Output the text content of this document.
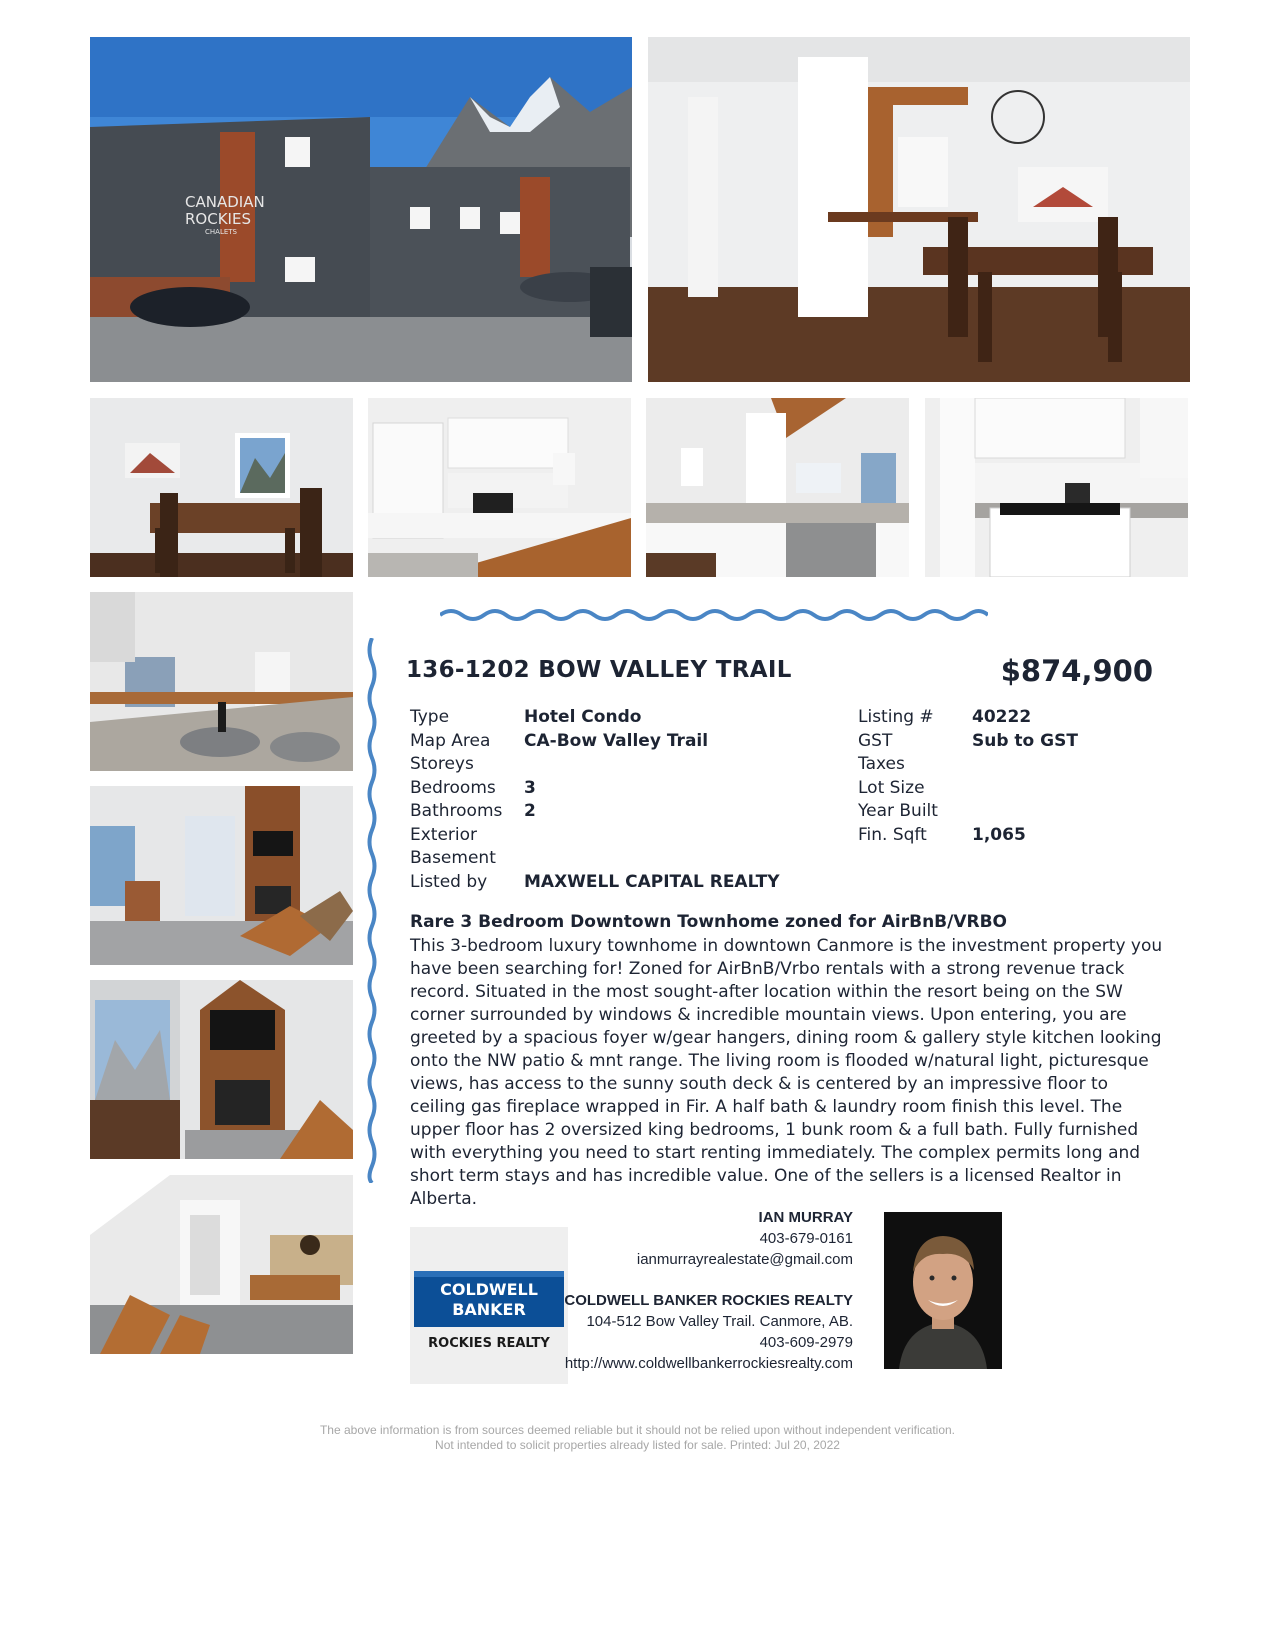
CANADIAN
ROCKIES
CHALETS
136-1202 BOW VALLEY TRAIL	$874,900
Type	Hotel Condo
Map Area	CA-Bow Valley Trail
Storeys
Bedrooms	3
Bathrooms	2
Exterior
Basement
Listed by	MAXWELL CAPITAL REALTY
Listing #	40222
GST	Sub to GST
Taxes
Lot Size
Year Built
Fin. Sqft	1,065
Rare 3 Bedroom Downtown Townhome zoned for AirBnB/VRBO
This 3-bedroom luxury townhome in downtown Canmore is the investment property you have been searching for! Zoned for AirBnB/Vrbo rentals with a strong revenue track record. Situated in the most sought-after location within the resort being on the SW corner surrounded by windows & incredible mountain views. Upon entering, you are greeted by a spacious foyer w/gear hangers, dining room & gallery style kitchen looking onto the NW patio & mnt range. The living room is flooded w/natural light, picturesque views, has access to the sunny south deck & is centered by an impressive floor to ceiling gas fireplace wrapped in Fir. A half bath & laundry room finish this level. The upper floor has 2 oversized king bedrooms, 1 bunk room & a full bath. Fully furnished with everything you need to start renting immediately. The complex permits long and short term stays and has incredible value. One of the sellers is a licensed Realtor in Alberta.
COLDWELL
BANKER
ROCKIES REALTY
IAN MURRAY
403-679-0161
ianmurrayrealestate@gmail.com
COLDWELL BANKER ROCKIES REALTY
104-512 Bow Valley Trail. Canmore, AB.
403-609-2979
http://www.coldwellbankerrockiesrealty.com
The above information is from sources deemed reliable but it should not be relied upon without independent verification.
Not intended to solicit properties already listed for sale. Printed: Jul 20, 2022
